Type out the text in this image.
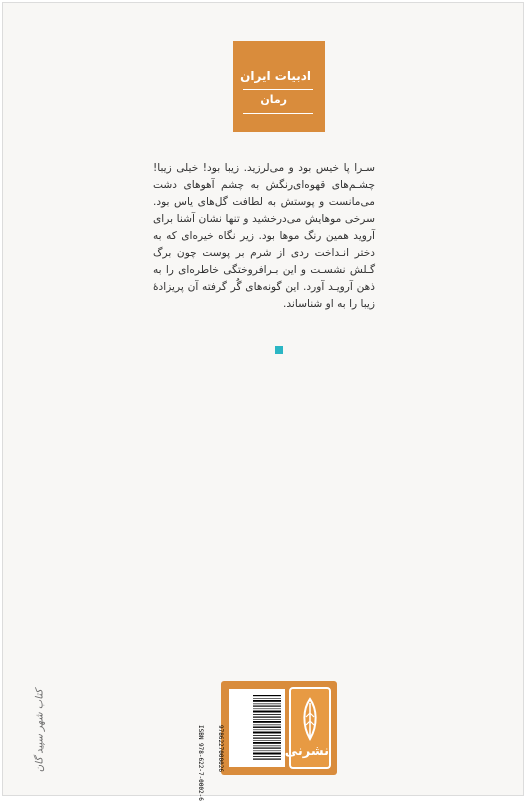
ادبیات ایران
رمان

سـرا پا خیس بود و می‌لرزید. زیبا بود! خیلی زیبا! چشـم‌های قهوه‌ای‌رنگش به چشم آهوهای دشت می‌مانست و پوستش به لطافت گل‌های یاس بود. سرخی موهایش می‌درخشید و تنها نشان آشنا برای آروید همین رنگ موها بود. زیر نگاه خیره‌ای که به دختر انـداخت ردی از شرم بر پوست چون برگ گـلش نشسـت و این بـرافروختگی خاطره‌ای را به ذهن آرویـد آورد. این گونه‌های گُر گرفته آن پریزادهٔ زیبا را به او شناساند.

کتاب شهر سپید گان	ISBN 978-622-7-0002-6	9786227000026	نشرنی
